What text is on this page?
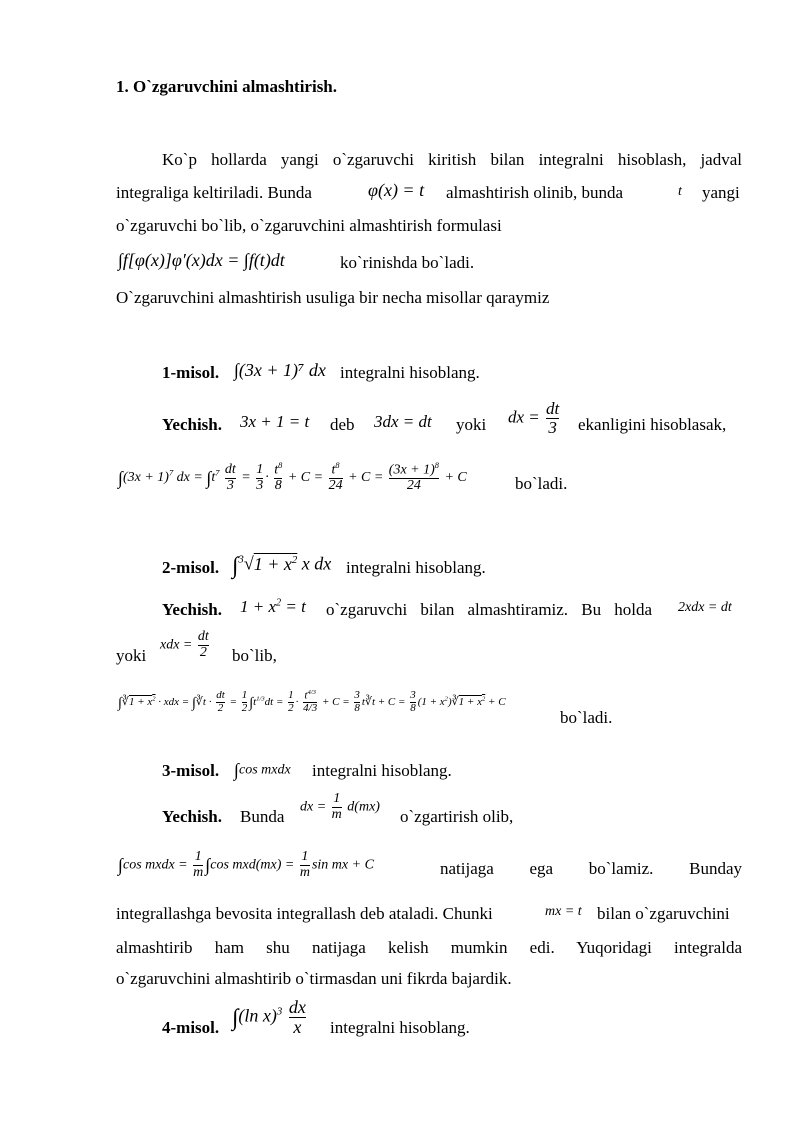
1. O`zgaruvchini almashtirish.
Ko`p hollarda yangi o`zgaruvchi kiritish bilan integralni hisoblash, jadval
integraliga keltiriladi. Bunda	φ(x) = t almashtirish olinib, bunda	t yangi
o`zgaruvchi bo`lib, o`zgaruvchini almashtirish formulasi
∫f[φ(x)]φ′(x)dx = ∫f(t)dt	ko`rinishda bo`ladi.
O`zgaruvchini almashtirish usuliga bir necha misollar qaraymiz
1-misol. ∫(3x + 1)⁷ dx integralni hisoblang.
Yechish. 3x + 1 = t deb 3dx = dt yoki dx = $\frac{dt}{3}$ ekanligini hisoblasak,
$\int(3x + 1)^7$ dx = $\int t^7 \frac{dt}{3} = \frac{1}{3} \cdot \frac{t^8}{8} + C = \frac{t^8}{24} + C = \frac{(3x + 1)^8}{24} + C$	bo`ladi.
2-misol. $\int^3√1 + x^2$ x dx integralni hisoblang.
Yechish. $1 + x^2 = t$ o`zgaruvchi bilan almashtiramiz. Bu holda 2xdx = dt
yoki
xdx = $\frac{dt}{2}$ bo`lib,
∫∛1 + $x^2$ · xdx = ∫∛t · $\frac{dt}{2} = \frac{1}{2} \int t^{1/3}dt = \frac{1}{2} \cdot \frac{t^{4/3}}{4/3} + C = \frac{3}{8}$ t∛t + $C = \frac{3}{8} (1$ + $x^2)∛1 + x^2 + C$
bo`ladi.
3-misol. ∫cos mxdx integralni hisoblang.
Yechish. Bunda
dx = $\frac{1}{m} d(mx)$
o`zgartirish olib,
∫cos mxdx = $\frac{1}{m} \int\cos$ $mxd(mx) = \frac{1}{m}$ sin mx + C	natijaga ega bo`lamiz. Bunday
integrallashga bevosita integrallash deb ataladi. Chunki	mx = t bilan o`zgaruvchini
almashtirib ham shu natijaga kelish mumkin edi. Yuqoridagi integralda
o`zgaruvchini almashtirib o`tirmasdan uni fikrda bajardik.
4-misol. ∫(ln $x)^3 \frac{dx}{x}$ integralni hisoblang.
